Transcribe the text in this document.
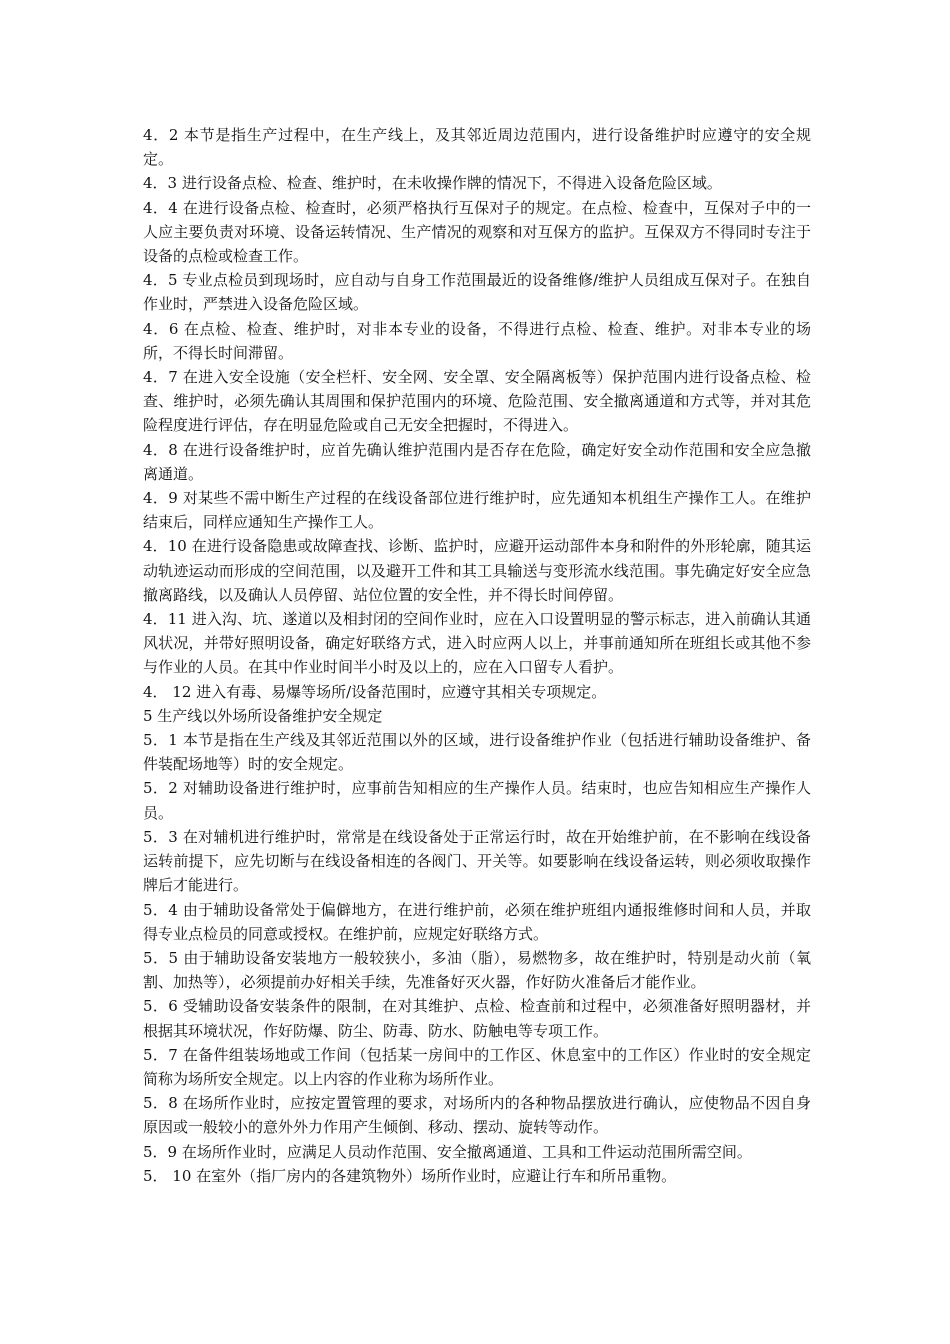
4．2 本节是指生产过程中，在生产线上，及其邻近周边范围内，进行设备维护时应遵守的安全规定。

4．3 进行设备点检、检查、维护时，在未收操作牌的情况下，不得进入设备危险区域。

4．4 在进行设备点检、检查时，必须严格执行互保对子的规定。在点检、检查中，互保对子中的一人应主要负责对环境、设备运转情况、生产情况的观察和对互保方的监护。互保双方不得同时专注于设备的点检或检查工作。

4．5 专业点检员到现场时，应自动与自身工作范围最近的设备维修/维护人员组成互保对子。在独自作业时，严禁进入设备危险区域。

4．6 在点检、检查、维护时，对非本专业的设备，不得进行点检、检查、维护。对非本专业的场所，不得长时间滞留。

4．7 在进入安全设施（安全栏杆、安全网、安全罩、安全隔离板等）保护范围内进行设备点检、检查、维护时，必须先确认其周围和保护范围内的环境、危险范围、安全撤离通道和方式等，并对其危险程度进行评估，存在明显危险或自己无安全把握时，不得进入。

4．8 在进行设备维护时，应首先确认维护范围内是否存在危险，确定好安全动作范围和安全应急撤离通道。

4．9 对某些不需中断生产过程的在线设备部位进行维护时，应先通知本机组生产操作工人。在维护结束后，同样应通知生产操作工人。

4．10 在进行设备隐患或故障查找、诊断、监护时，应避开运动部件本身和附件的外形轮廓，随其运动轨迹运动而形成的空间范围，以及避开工件和其工具输送与变形流水线范围。事先确定好安全应急撤离路线，以及确认人员停留、站位位置的安全性，并不得长时间停留。

4．11 进入沟、坑、遂道以及相封闭的空间作业时，应在入口设置明显的警示标志，进入前确认其通风状况，并带好照明设备，确定好联络方式，进入时应两人以上，并事前通知所在班组长或其他不参与作业的人员。在其中作业时间半小时及以上的，应在入口留专人看护。

4． 12 进入有毒、易爆等场所/设备范围时，应遵守其相关专项规定。

5 生产线以外场所设备维护安全规定

5．1 本节是指在生产线及其邻近范围以外的区域，进行设备维护作业（包括进行辅助设备维护、备件装配场地等）时的安全规定。

5．2 对辅助设备进行维护时，应事前告知相应的生产操作人员。结束时，也应告知相应生产操作人员。

5．3 在对辅机进行维护时，常常是在线设备处于正常运行时，故在开始维护前，在不影响在线设备运转前提下，应先切断与在线设备相连的各阀门、开关等。如要影响在线设备运转，则必须收取操作牌后才能进行。

5．4 由于辅助设备常处于偏僻地方，在进行维护前，必须在维护班组内通报维修时间和人员，并取得专业点检员的同意或授权。在维护前，应规定好联络方式。

5．5 由于辅助设备安装地方一般较狭小，多油（脂），易燃物多，故在维护时，特别是动火前（氧割、加热等），必须提前办好相关手续，先准备好灭火器，作好防火准备后才能作业。

5．6 受辅助设备安装条件的限制，在对其维护、点检、检查前和过程中，必须准备好照明器材，并根据其环境状况，作好防爆、防尘、防毒、防水、防触电等专项工作。

5．7 在备件组装场地或工作间（包括某一房间中的工作区、休息室中的工作区）作业时的安全规定简称为场所安全规定。以上内容的作业称为场所作业。

5．8 在场所作业时，应按定置管理的要求，对场所内的各种物品摆放进行确认，应使物品不因自身原因或一般较小的意外外力作用产生倾倒、移动、摆动、旋转等动作。

5．9 在场所作业时，应满足人员动作范围、安全撤离通道、工具和工件运动范围所需空间。

5． 10 在室外（指厂房内的各建筑物外）场所作业时，应避让行车和所吊重物。
